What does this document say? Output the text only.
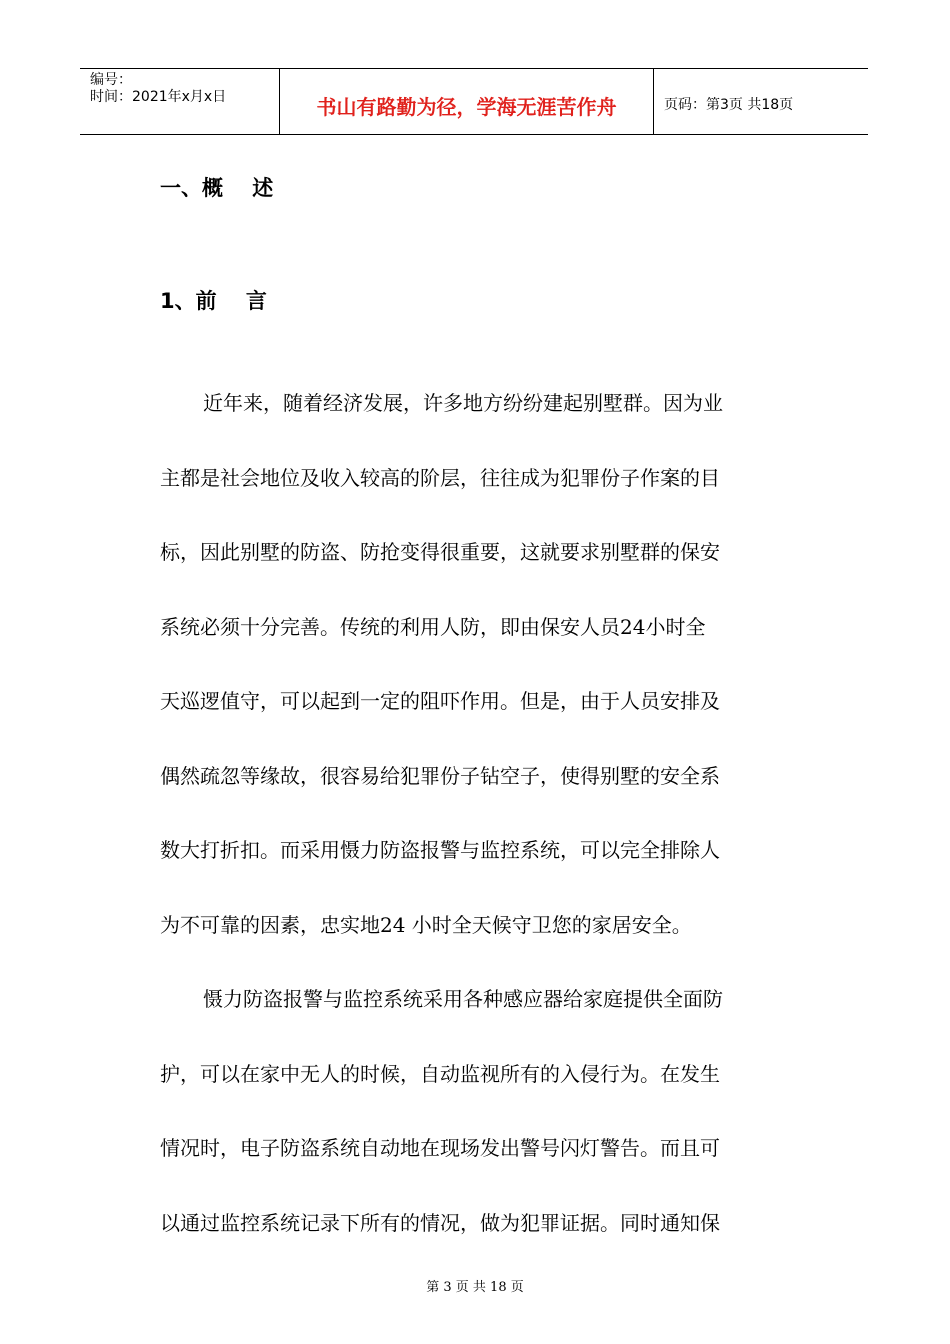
编号：
时间：2021年x月x日	书山有路勤为径，学海无涯苦作舟	页码：第3页 共18页
一、概    述
1、前    言
近年来，随着经济发展，许多地方纷纷建起别墅群。因为业
主都是社会地位及收入较高的阶层，往往成为犯罪份子作案的目
标，因此别墅的防盗、防抢变得很重要，这就要求别墅群的保安
系统必须十分完善。传统的利用人防，即由保安人员24小时全
天巡逻值守，可以起到一定的阻吓作用。但是，由于人员安排及
偶然疏忽等缘故，很容易给犯罪份子钻空子，使得别墅的安全系
数大打折扣。而采用慑力防盗报警与监控系统，可以完全排除人
为不可靠的因素，忠实地24 小时全天候守卫您的家居安全。
慑力防盗报警与监控系统采用各种感应器给家庭提供全面防
护，可以在家中无人的时候，自动监视所有的入侵行为。在发生
情况时，电子防盗系统自动地在现场发出警号闪灯警告。而且可
以通过监控系统记录下所有的情况，做为犯罪证据。同时通知保
第 3 页 共 18 页
